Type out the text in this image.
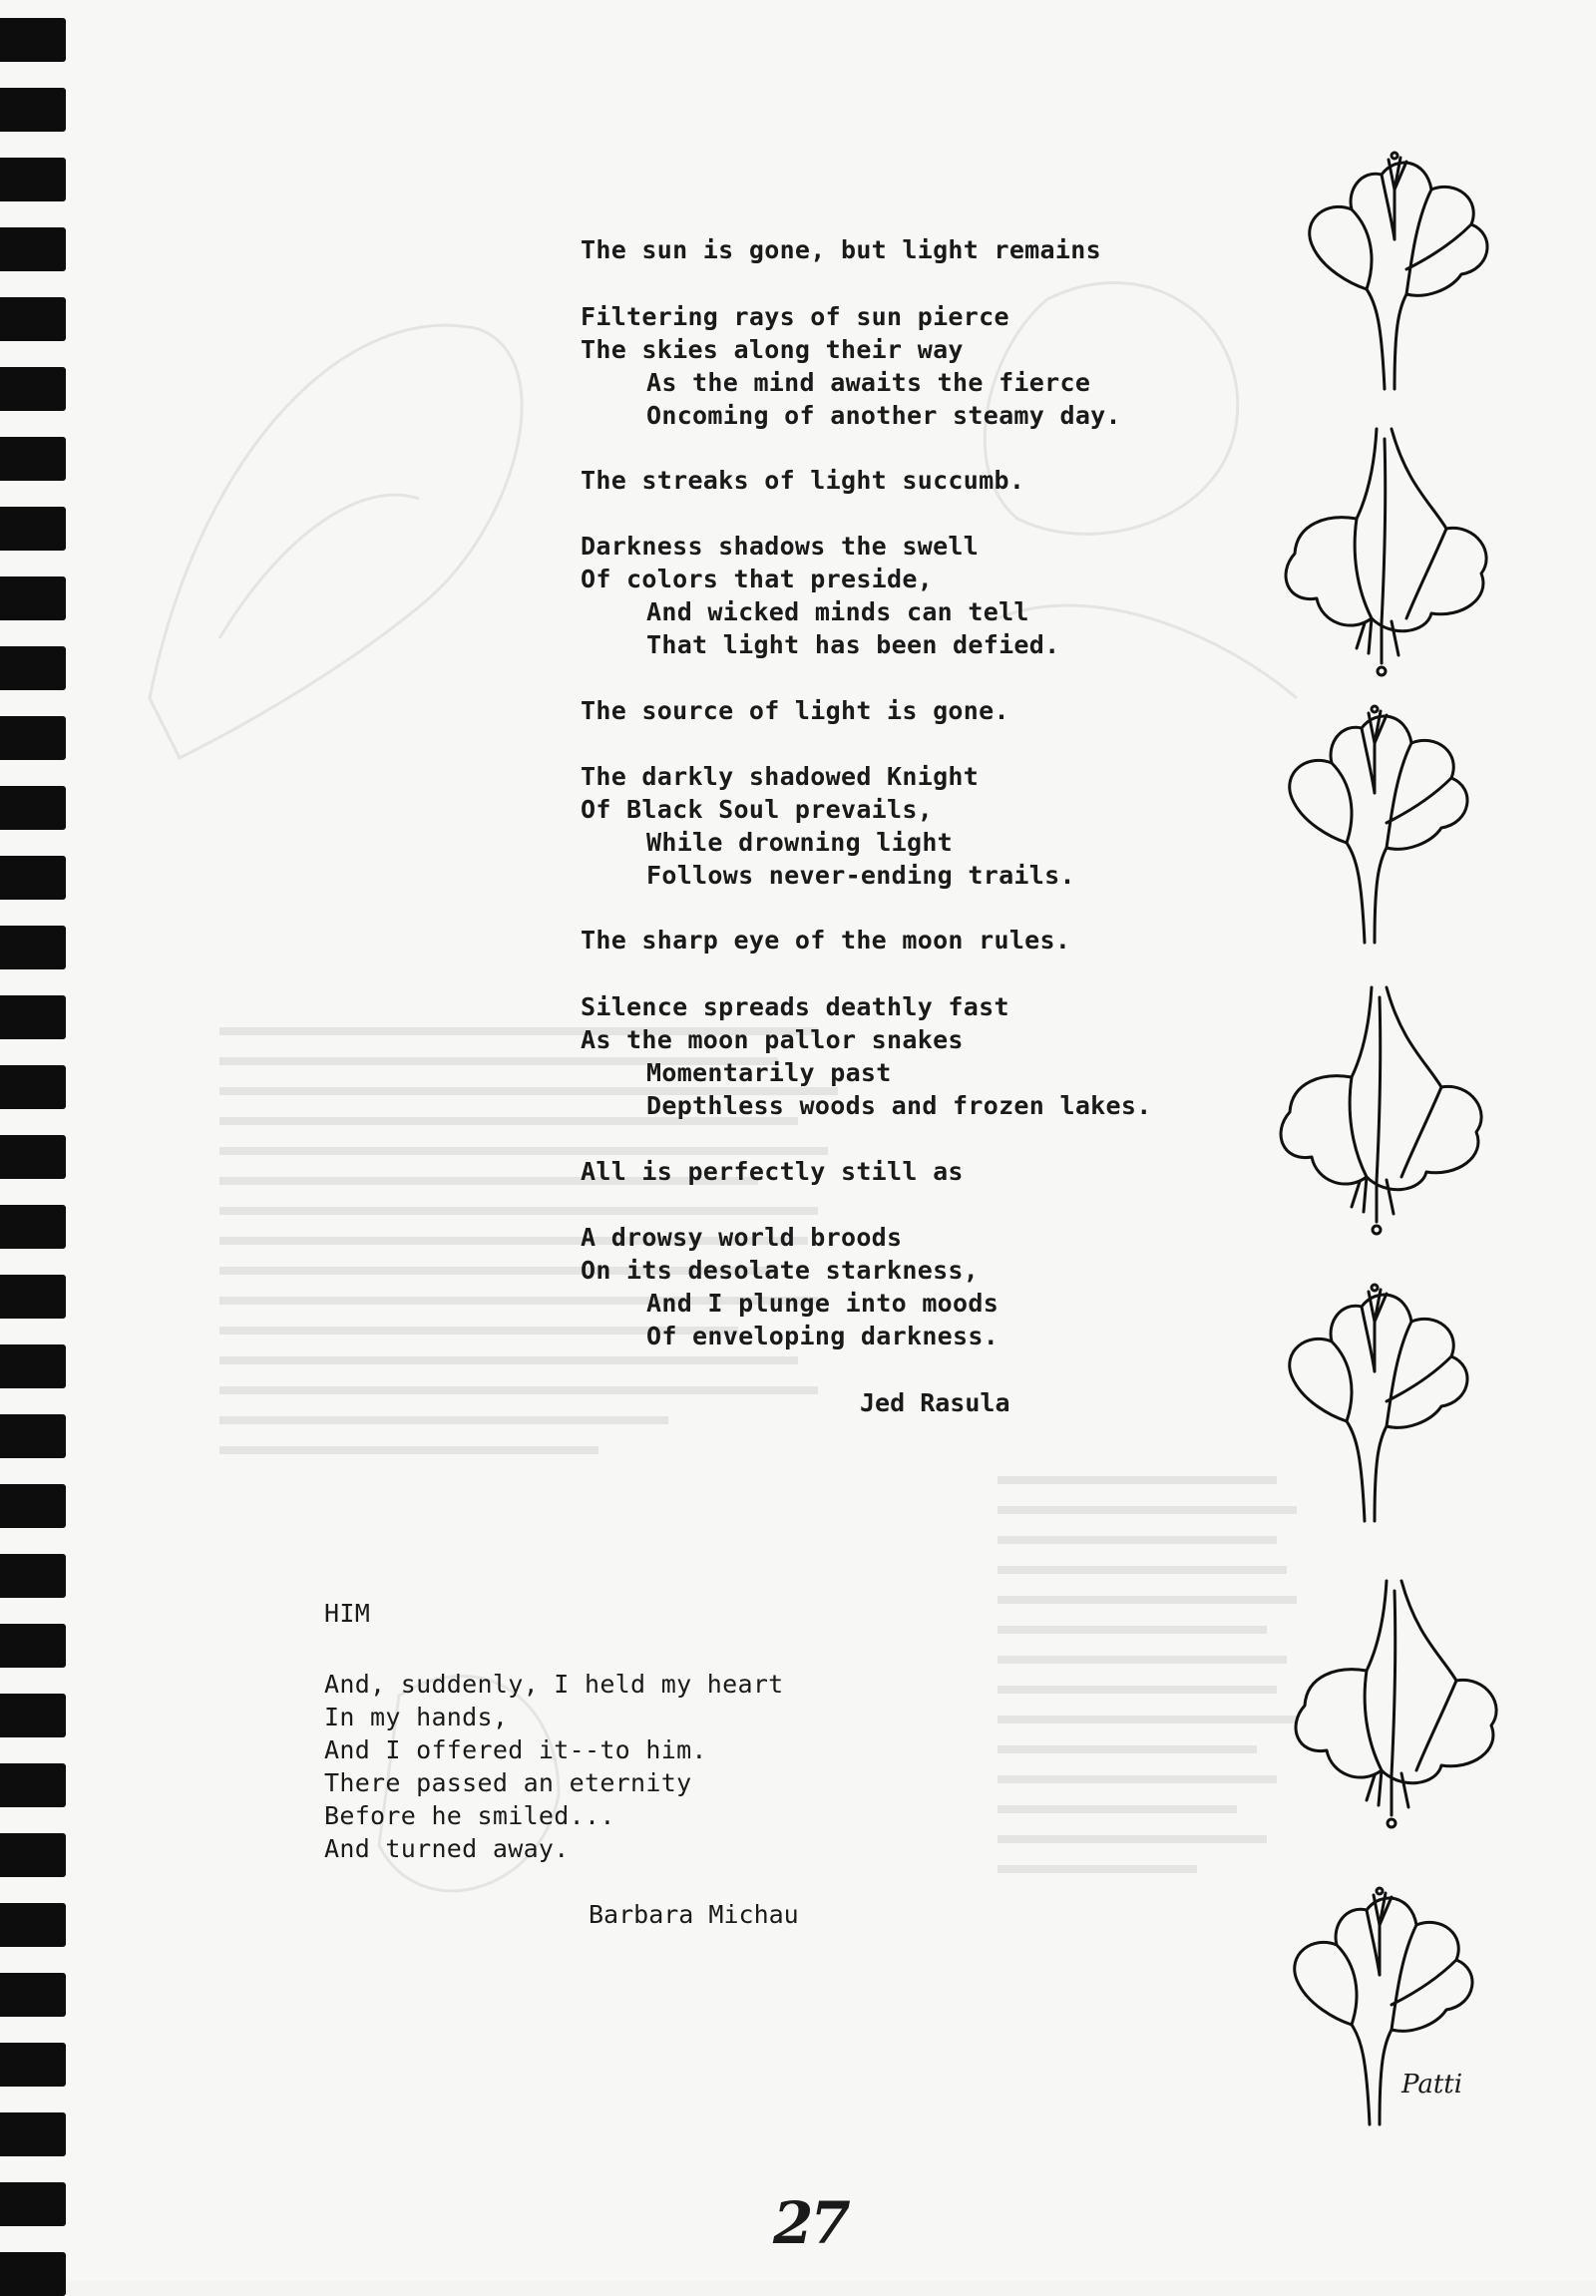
The sun is gone, but light remains
Filtering rays of sun pierce
The skies along their way
As the mind awaits the fierce
Oncoming of another steamy day.
The streaks of light succumb.
Darkness shadows the swell
Of colors that preside,
And wicked minds can tell
That light has been defied.
The source of light is gone.
The darkly shadowed Knight
Of Black Soul prevails,
While drowning light
Follows never-ending trails.
The sharp eye of the moon rules.
Silence spreads deathly fast
As the moon pallor snakes
Momentarily past
Depthless woods and frozen lakes.
All is perfectly still as
A drowsy world broods
On its desolate starkness,
And I plunge into moods
Of enveloping darkness.
Jed Rasula
HIM
And, suddenly, I held my heart
In my hands,
And I offered it--to him.
There passed an eternity
Before he smiled...
And turned away.
Barbara Michau
Patti
27
